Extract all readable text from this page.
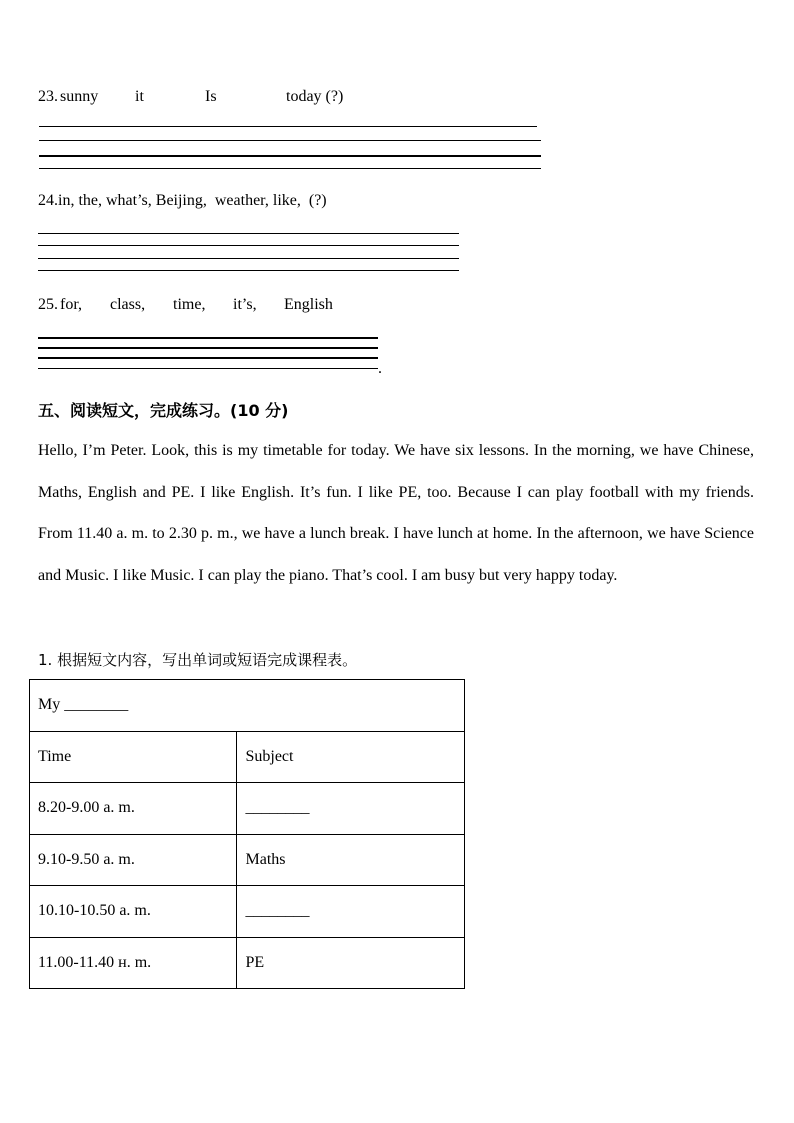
23. sunny it	Is	today (?)
24.in, the, what’s, Beijing,  weather, like,  (?)
25. for, class, time, it’s, English
.
五、阅读短文，完成练习。(10 分)
Hello, I’m Peter. Look, this is my timetable for today. We have six lessons. In the morning, we have Chinese, Maths, English and PE. I like English. It’s fun. I like PE, too. Because I can play football with my friends. From 11.40 a. m. to 2.30 p. m., we have a lunch break. I have lunch at home. In the afternoon, we have Science and Music. I like Music. I can play the piano. That’s cool. I am busy but very happy today.
1. 根据短文内容，写出单词或短语完成课程表。
My ________	
Time	Subject
8.20-9.00 a. m.	________
9.10-9.50 a. m.	Maths
10.10-10.50 a. m.	________
11.00-11.40 н. m.	PE
